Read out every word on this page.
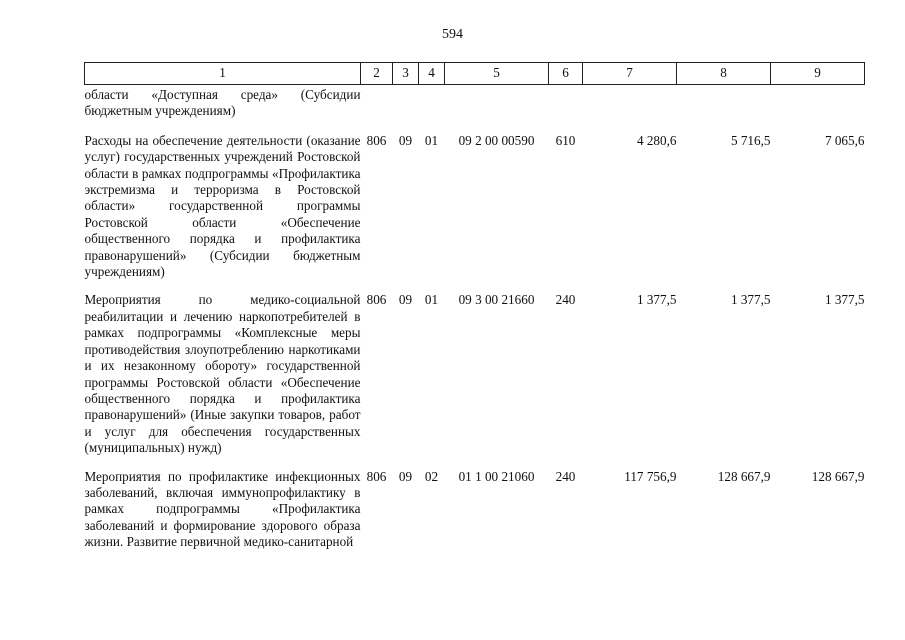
594
1	2	3	4	5	6	7	8	9
области «Доступная среда» (Субсидии бюджетным учреждениям)								
Расходы на обеспечение деятельности (оказание услуг) государственных учреждений Ростовской области в рамках подпрограммы «Профилактика экстремизма и терроризма в Ростовской области» государственной программы Ростовской области «Обеспечение общественного порядка и профилактика правонарушений» (Субсидии бюджетным учреждениям)	806	09	01	09 2 00 00590	610	4 280,6	5 716,5	7 065,6
Мероприятия по медико-социальной реабилитации и лечению наркопотребителей в рамках подпрограммы «Комплексные меры противодействия злоупотреблению наркотиками и их незаконному обороту» государственной программы Ростовской области «Обеспечение общественного порядка и профилактика правонарушений» (Иные закупки товаров, работ и услуг для обеспечения государственных (муниципальных) нужд)	806	09	01	09 3 00 21660	240	1 377,5	1 377,5	1 377,5
Мероприятия по профилактике инфекционных заболеваний, включая иммунопрофилактику в рамках подпрограммы «Профилактика заболеваний и формирование здорового образа жизни. Развитие первичной медико-санитарной	806	09	02	01 1 00 21060	240	117 756,9	128 667,9	128 667,9
